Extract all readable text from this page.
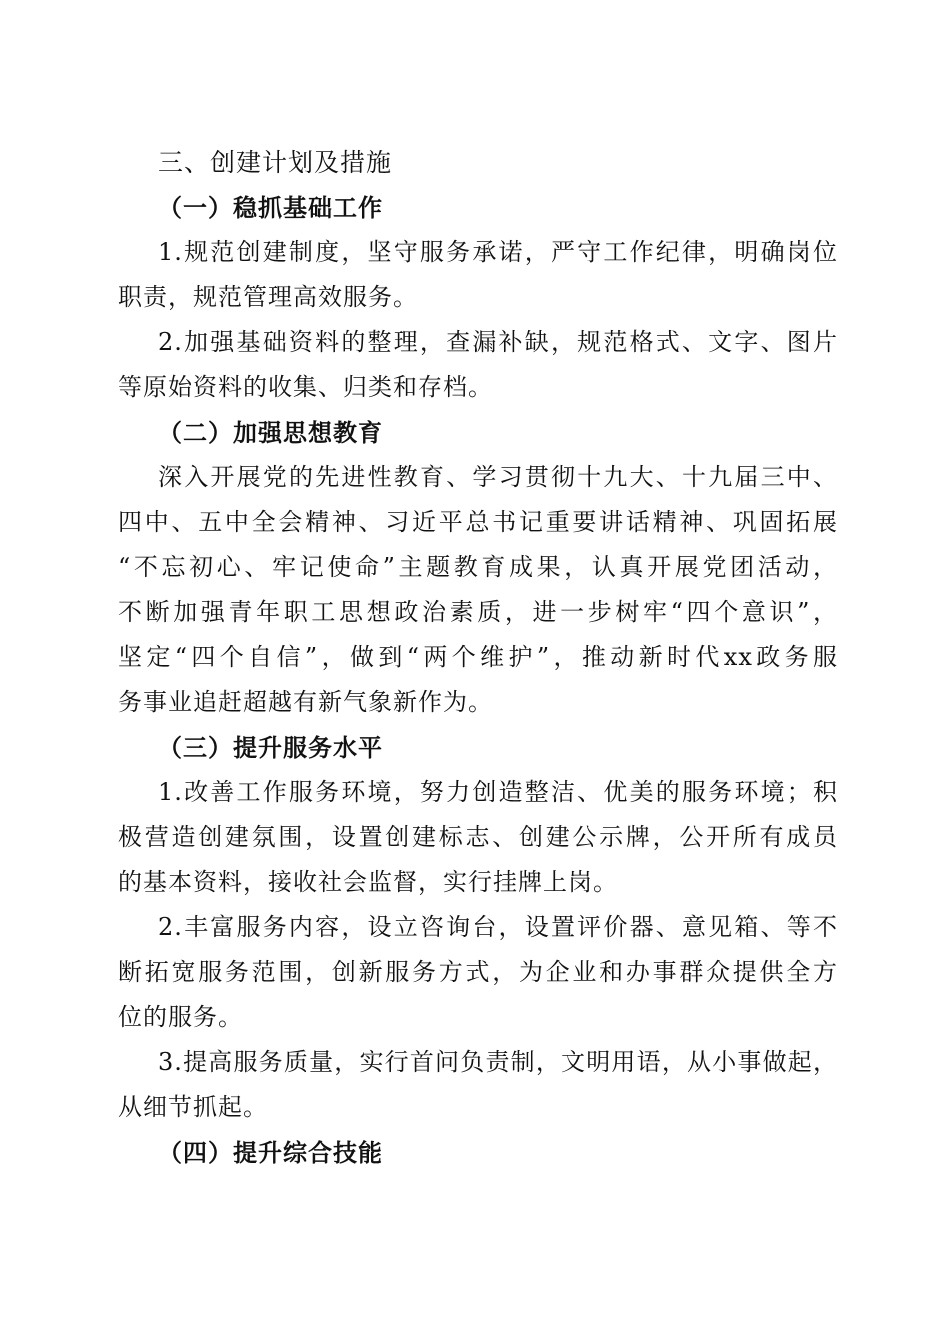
三、创建计划及措施
（一）稳抓基础工作
1.规范创建制度，坚守服务承诺，严守工作纪律，明确岗位
职责，规范管理高效服务。
2.加强基础资料的整理，查漏补缺，规范格式、文字、图片
等原始资料的收集、归类和存档。
（二）加强思想教育
深入开展党的先进性教育、学习贯彻十九大、十九届三中、
四中、五中全会精神、习近平总书记重要讲话精神、巩固拓展
“不忘初心、牢记使命”主题教育成果，认真开展党团活动，
不断加强青年职工思想政治素质，进一步树牢“四个意识”，
坚定“四个自信”，做到“两个维护”，推动新时代xx政务服
务事业追赶超越有新气象新作为。
（三）提升服务水平
1.改善工作服务环境，努力创造整洁、优美的服务环境；积
极营造创建氛围，设置创建标志、创建公示牌，公开所有成员
的基本资料，接收社会监督，实行挂牌上岗。
2.丰富服务内容，设立咨询台，设置评价器、意见箱、等不
断拓宽服务范围，创新服务方式，为企业和办事群众提供全方
位的服务。
3.提高服务质量，实行首问负责制，文明用语，从小事做起，
从细节抓起。
（四）提升综合技能
